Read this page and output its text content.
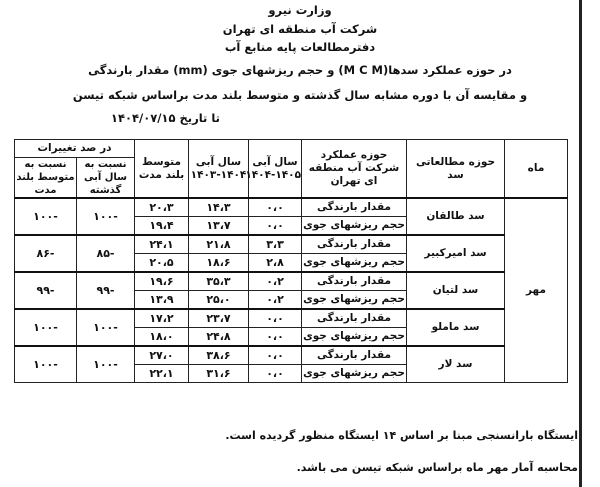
وزارت نیرو
شرکت آب منطقه ای تهران
دفترمطالعات پایه منابع آب
مقدار بارندگی (mm) و حجم ریزشهای جوی (M C M)در حوزه عملکرد سدها
و مقایسه آن با دوره مشابه سال گذشته و متوسط بلند مدت براساس شبکه تیسن
تا تاریخ ۱۴۰۴/۰۷/۱۵
ماه	حوزه مطالعاتی سد	حوزه عملکرد شرکت آب منطقه ای تهران	سال آبی ۱۴۰۵-۱۴۰۴	سال آبی ۱۴۰۴-۱۴۰۳	متوسط بلند مدت	در صد تغییرات	
						نسبت به سال آبی گذشته	نسبت به متوسط بلند مدت
مهر	سد طالقان	مقدار بارندگی	۰،۰	۱۴،۳	۲۰،۳	-۱۰۰	-۱۰۰
		حجم ریزشهای جوی	۰،۰	۱۳،۷	۱۹،۴		
	سد امیرکبیر	مقدار بارندگی	۳،۳	۲۱،۸	۲۴،۱	-۸۵	-۸۶
		حجم ریزشهای جوی	۲،۸	۱۸،۶	۲۰،۵		
	سد لتیان	مقدار بارندگی	۰،۲	۳۵،۳	۱۹،۶	-۹۹	-۹۹
		حجم ریزشهای جوی	۰،۲	۲۵،۰	۱۳،۹		
	سد ماملو	مقدار بارندگی	۰،۰	۲۳،۷	۱۷،۲	-۱۰۰	-۱۰۰
		حجم ریزشهای جوی	۰،۰	۲۴،۸	۱۸،۰		
	سد لار	مقدار بارندگی	۰،۰	۳۸،۶	۲۷،۰	-۱۰۰	-۱۰۰
		حجم ریزشهای جوی	۰،۰	۳۱،۶	۲۲،۱		
ایستگاه بارانسنجی مبنا بر اساس ۱۴ ایستگاه منظور گردیده است.
محاسبه آمار مهر ماه براساس شبکه تیسن می باشد.
